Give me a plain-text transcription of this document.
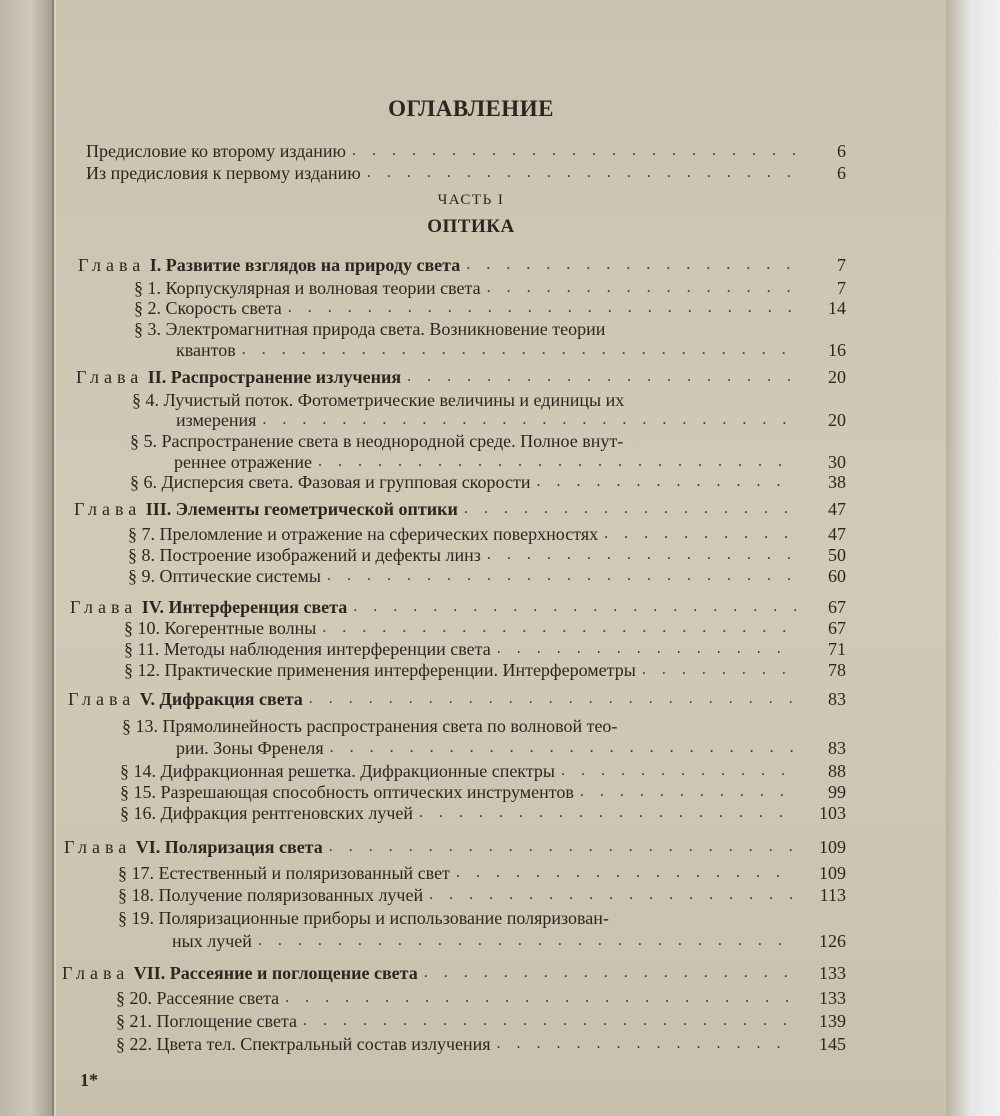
ОГЛАВЛЕНИЕ
Предисловие ко второму изданию . . .	6
Из предисловия к первому изданию . . .	6
ЧАСТЬ I
ОПТИКА
Глава I. Развитие взглядов на природу света . . .	7
§ 1. Корпускулярная и волновая теории света . . .	7
§ 2. Скорость света . . .	14
§ 3. Электромагнитная природа света. Возникновение теории
квантов . . .	16
Глава II. Распространение излучения . . .	20
§ 4. Лучистый поток. Фотометрические величины и единицы их
измерения . . .	20
§ 5. Распространение света в неоднородной среде. Полное внут-
реннее отражение . . .	30
§ 6. Дисперсия света. Фазовая и групповая скорости . . .	38
Глава III. Элементы геометрической оптики . . .	47
§ 7. Преломление и отражение на сферических поверхностях . . .	47
§ 8. Построение изображений и дефекты линз . . .	50
§ 9. Оптические системы . . .	60
Глава IV. Интерференция света . . .	67
§ 10. Когерентные волны . . .	67
§ 11. Методы наблюдения интерференции света . . .	71
§ 12. Практические применения интерференции. Интерферометры . . .	78
Глава V. Дифракция света . . .	83
§ 13. Прямолинейность распространения света по волновой тео-
рии. Зоны Френеля . . .	83
§ 14. Дифракционная решетка. Дифракционные спектры . . .	88
§ 15. Разрешающая способность оптических инструментов . . .	99
§ 16. Дифракция рентгеновских лучей . . .	103
Глава VI. Поляризация света . . .	109
§ 17. Естественный и поляризованный свет . . .	109
§ 18. Получение поляризованных лучей . . .	113
§ 19. Поляризационные приборы и использование поляризован-
ных лучей . . .	126
Глава VII. Рассеяние и поглощение света . . .	133
§ 20. Рассеяние света . . .	133
§ 21. Поглощение света . . .	139
§ 22. Цвета тел. Спектральный состав излучения . . .	145
1*
